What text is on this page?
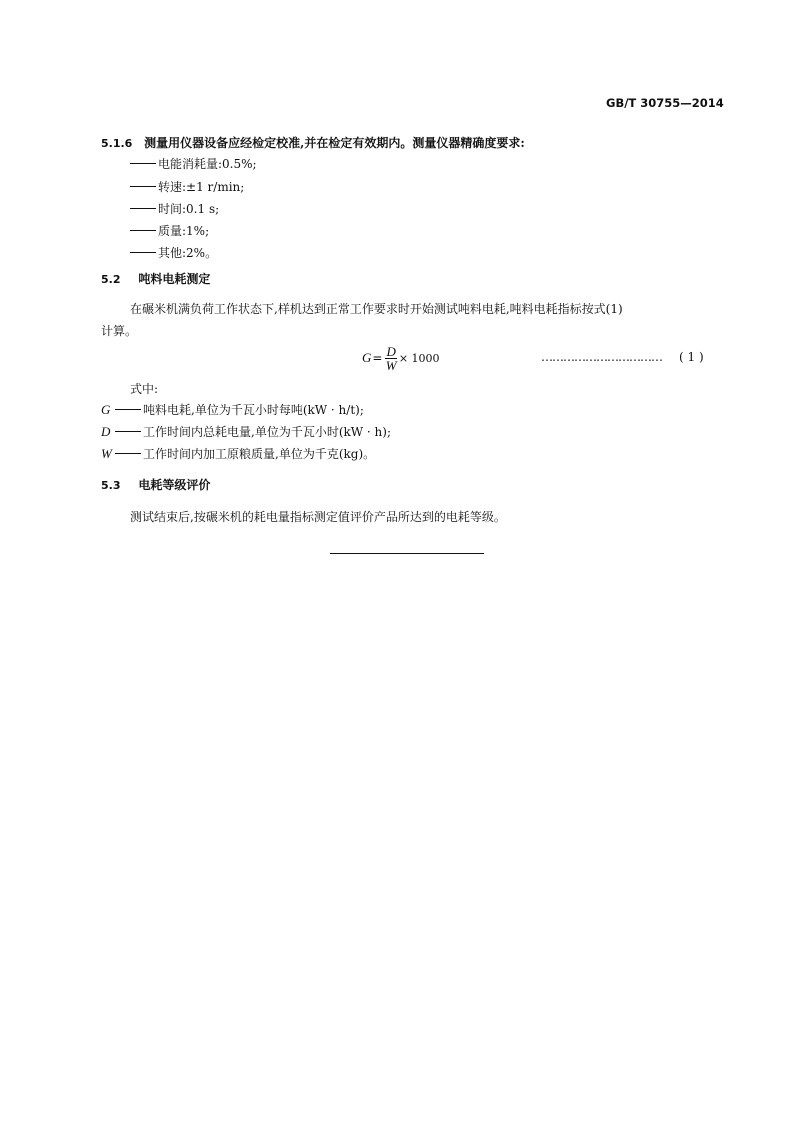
GB/T 30755—2014
5.1.6 测量用仪器设备应经检定校准,并在检定有效期内。测量仪器精确度要求:
电能消耗量:0.5%;
转速:±1 r/min;
时间:0.1 s;
质量:1%;
其他:2%。
5.2 吨料电耗测定
在碾米机满负荷工作状态下,样机达到正常工作要求时开始测试吨料电耗,吨料电耗指标按式(1)
计算。
$G = \frac{D}{W} \times 1000$	…………………………… ( 1 )
式中:
G	吨料电耗,单位为千瓦小时每吨(kW · h/t);
D	工作时间内总耗电量,单位为千瓦小时(kW · h);
W	工作时间内加工原粮质量,单位为千克(kg)。
5.3 电耗等级评价
测试结束后,按碾米机的耗电量指标测定值评价产品所达到的电耗等级。
